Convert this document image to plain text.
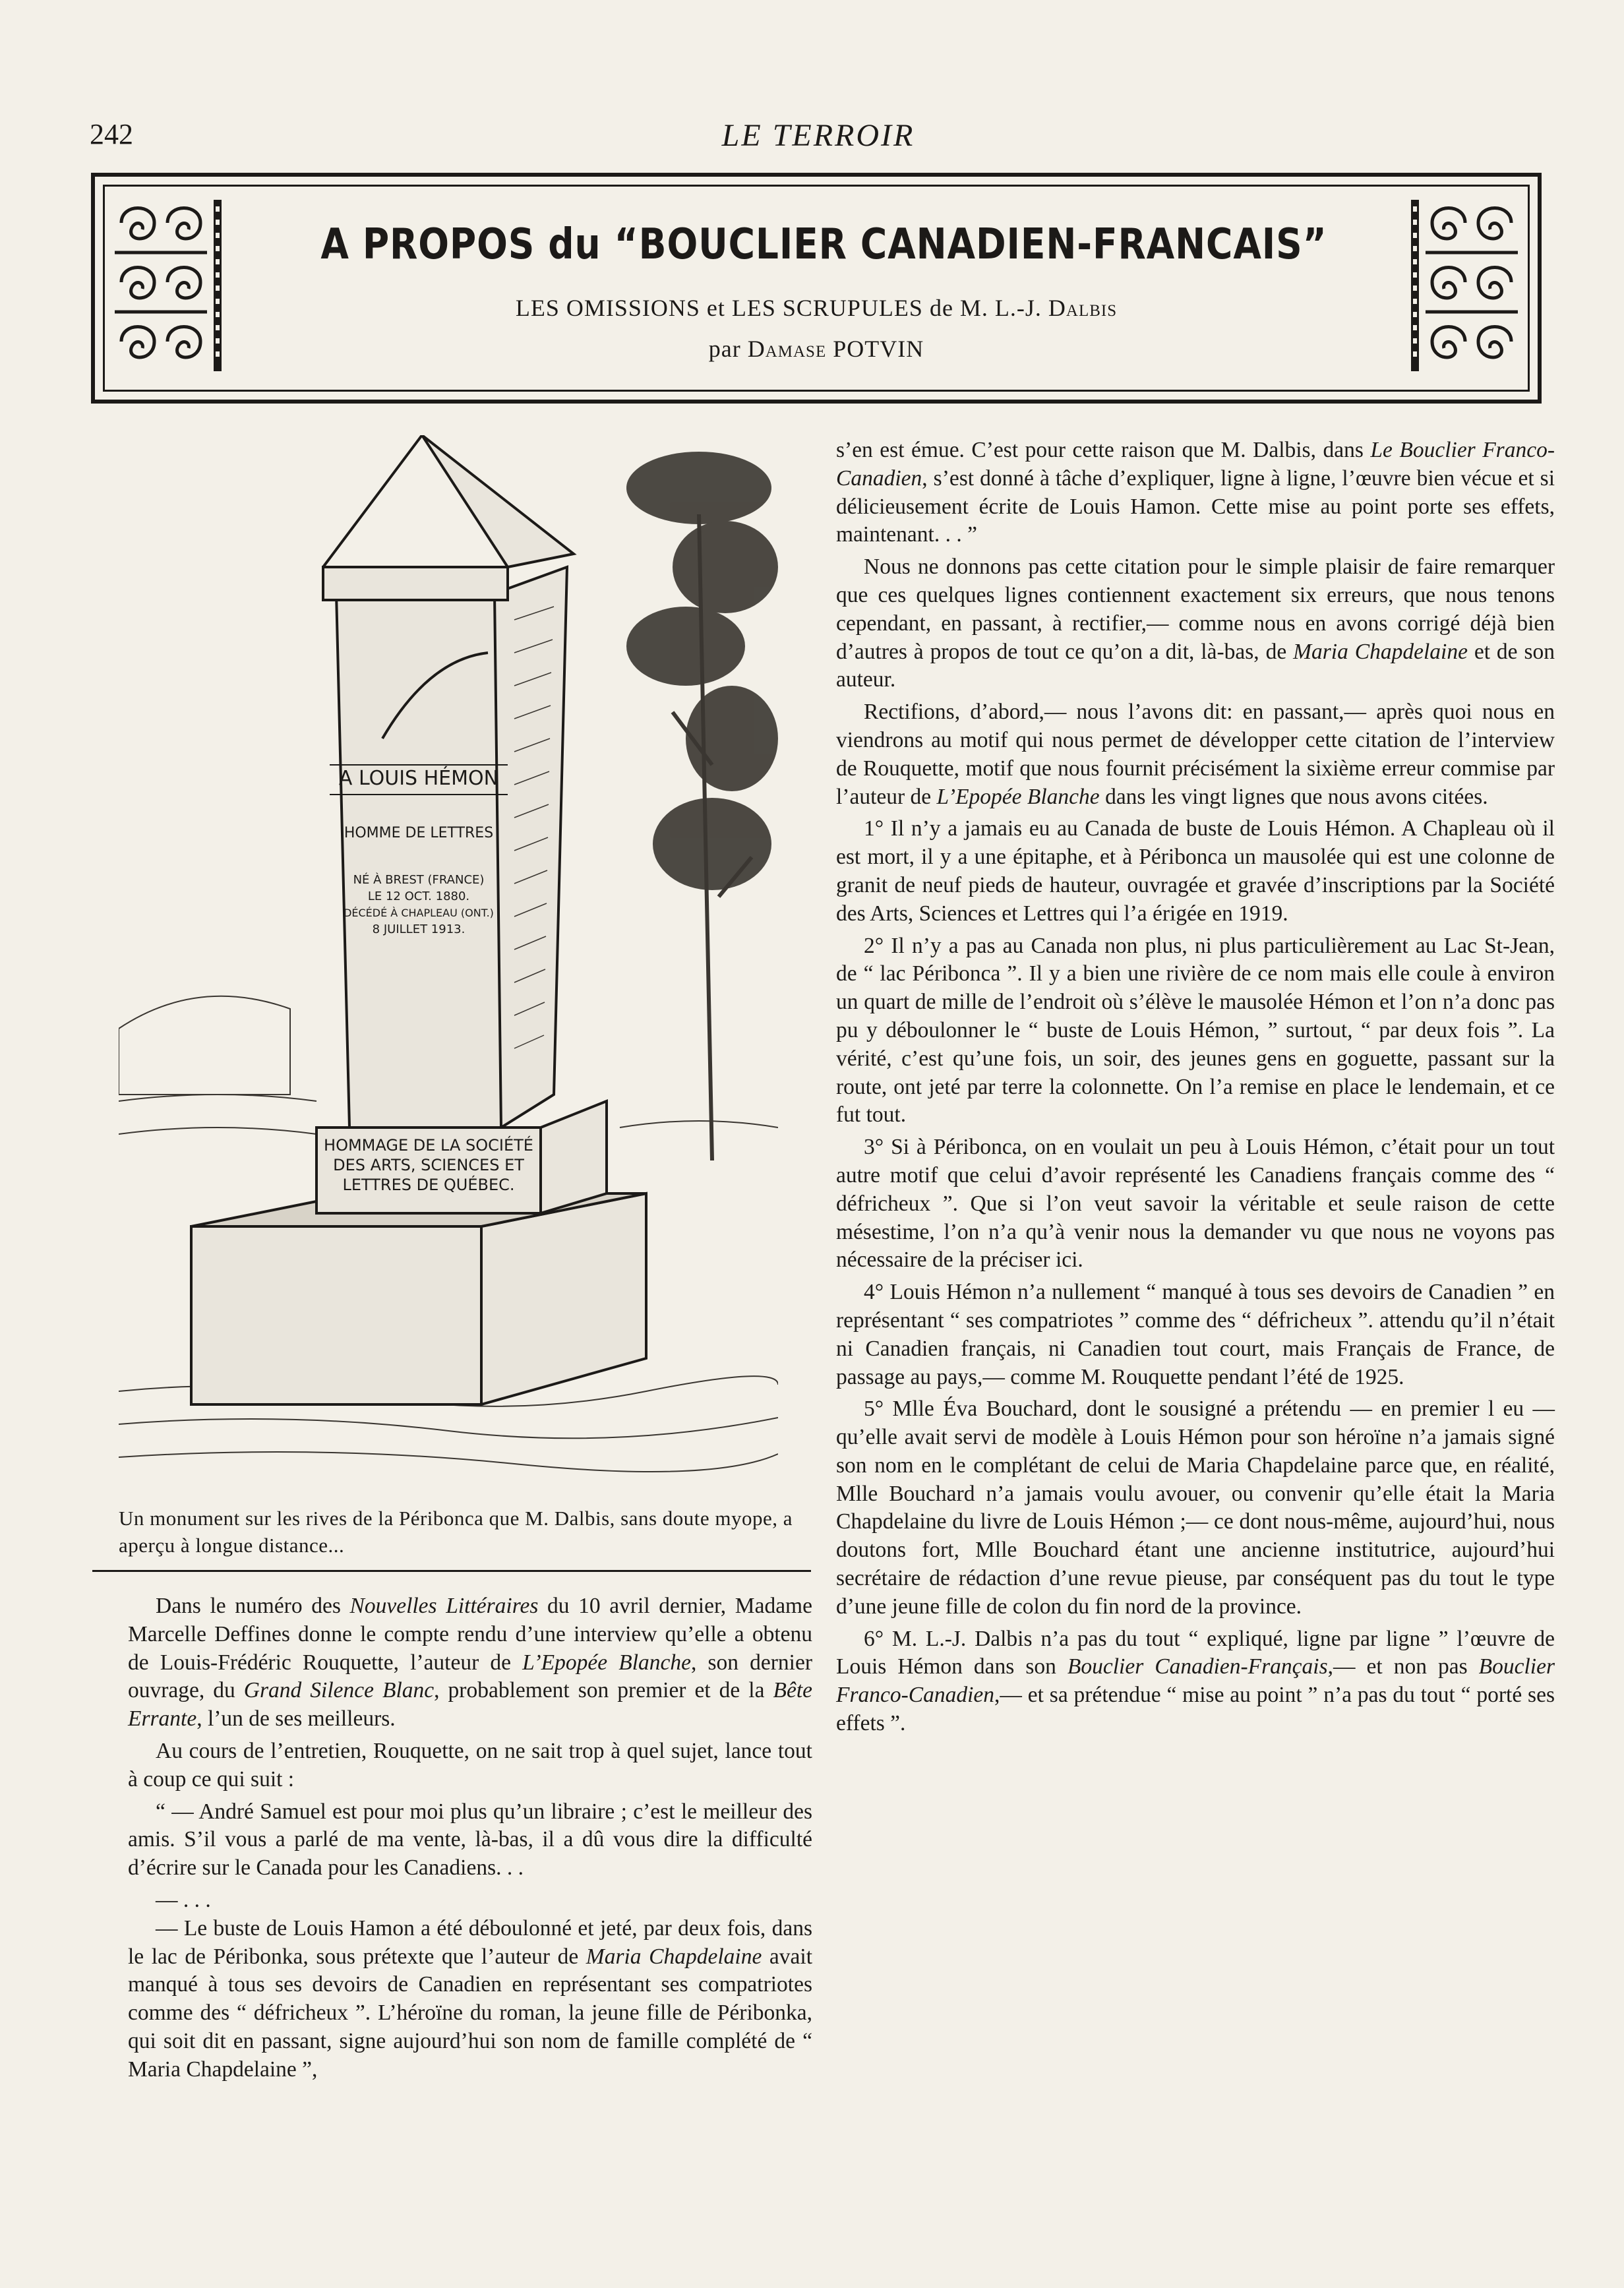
242	LE TERROIR
A PROPOS du “BOUCLIER CANADIEN-FRANCAIS”
LES OMISSIONS et LES SCRUPULES de M. L.-J. Dalbis
par Damase POTVIN
A LOUIS HÉMON
HOMME DE LETTRES
NÉ À BREST (FRANCE)
LE 12 OCT. 1880.
DÉCÉDÉ À CHAPLEAU (ONT.)
8 JUILLET 1913.
HOMMAGE DE LA SOCIÉTÉ
DES ARTS, SCIENCES ET
LETTRES DE QUÉBEC.
Un monument sur les rives de la Péribonca que M. Dalbis, sans doute myope, a aperçu à longue distance...

Dans le numéro des Nouvelles Littéraires du 10 avril dernier, Madame Marcelle Deffines donne le compte rendu d’une interview qu’elle a obtenu de Louis-Frédéric Rouquette, l’auteur de L’Epopée Blanche, son dernier ouvrage, du Grand Silence Blanc, probablement son premier et de la Bête Errante, l’un de ses meilleurs.

Au cours de l’entretien, Rouquette, on ne sait trop à quel sujet, lance tout à coup ce qui suit :

“ — André Samuel est pour moi plus qu’un libraire ; c’est le meilleur des amis. S’il vous a parlé de ma vente, là-bas, il a dû vous dire la difficulté d’écrire sur le Canada pour les Canadiens. . .

— . . .

— Le buste de Louis Hamon a été déboulonné et jeté, par deux fois, dans le lac de Péribonka, sous prétexte que l’auteur de Maria Chapdelaine avait manqué à tous ses devoirs de Canadien en représentant ses compatriotes comme des “ défricheux ”. L’héroïne du roman, la jeune fille de Péribonka, qui soit dit en passant, signe aujourd’hui son nom de famille complété de “ Maria Chapdelaine ”,

s’en est émue. C’est pour cette raison que M. Dalbis, dans Le Bouclier Franco-Canadien, s’est donné à tâche d’expliquer, ligne à ligne, l’œuvre bien vécue et si délicieusement écrite de Louis Hamon. Cette mise au point porte ses effets, maintenant. . . ”

Nous ne donnons pas cette citation pour le simple plaisir de faire remarquer que ces quelques lignes contiennent exactement six erreurs, que nous tenons cependant, en passant, à rectifier,— comme nous en avons corrigé déjà bien d’autres à propos de tout ce qu’on a dit, là-bas, de Maria Chapdelaine et de son auteur.

Rectifions, d’abord,— nous l’avons dit: en passant,— après quoi nous en viendrons au motif qui nous permet de développer cette citation de l’interview de Rouquette, motif que nous fournit précisément la sixième erreur commise par l’auteur de L’Epopée Blanche dans les vingt lignes que nous avons citées.

1° Il n’y a jamais eu au Canada de buste de Louis Hémon. A Chapleau où il est mort, il y a une épitaphe, et à Péribonca un mausolée qui est une colonne de granit de neuf pieds de hauteur, ouvragée et gravée d’inscriptions par la Société des Arts, Sciences et Lettres qui l’a érigée en 1919.

2° Il n’y a pas au Canada non plus, ni plus particulièrement au Lac St-Jean, de “ lac Péribonca ”. Il y a bien une rivière de ce nom mais elle coule à environ un quart de mille de l’endroit où s’élève le mausolée Hémon et l’on n’a donc pas pu y déboulonner le “ buste de Louis Hémon, ” surtout, “ par deux fois ”. La vérité, c’est qu’une fois, un soir, des jeunes gens en goguette, passant sur la route, ont jeté par terre la colonnette. On l’a remise en place le lendemain, et ce fut tout.

3° Si à Péribonca, on en voulait un peu à Louis Hémon, c’était pour un tout autre motif que celui d’avoir représenté les Canadiens français comme des “ défricheux ”. Que si l’on veut savoir la véritable et seule raison de cette mésestime, l’on n’a qu’à venir nous la demander vu que nous ne voyons pas nécessaire de la préciser ici.

4° Louis Hémon n’a nullement “ manqué à tous ses devoirs de Canadien ” en représentant “ ses compatriotes ” comme des “ défricheux ”. attendu qu’il n’était ni Canadien français, ni Canadien tout court, mais Français de France, de passage au pays,— comme M. Rouquette pendant l’été de 1925.

5° Mlle Éva Bouchard, dont le sousigné a prétendu — en premier l eu — qu’elle avait servi de modèle à Louis Hémon pour son héroïne n’a jamais signé son nom en le complétant de celui de Maria Chapdelaine parce que, en réalité, Mlle Bouchard n’a jamais voulu avouer, ou convenir qu’elle était la Maria Chapdelaine du livre de Louis Hémon ;— ce dont nous-même, aujourd’hui, nous doutons fort, Mlle Bouchard étant une ancienne institutrice, aujourd’hui secrétaire de rédaction d’une revue pieuse, par conséquent pas du tout le type d’une jeune fille de colon du fin nord de la province.

6° M. L.-J. Dalbis n’a pas du tout “ expliqué, ligne par ligne ” l’œuvre de Louis Hémon dans son Bouclier Canadien-Français,— et non pas Bouclier Franco-Canadien,— et sa prétendue “ mise au point ” n’a pas du tout “ porté ses effets ”.
